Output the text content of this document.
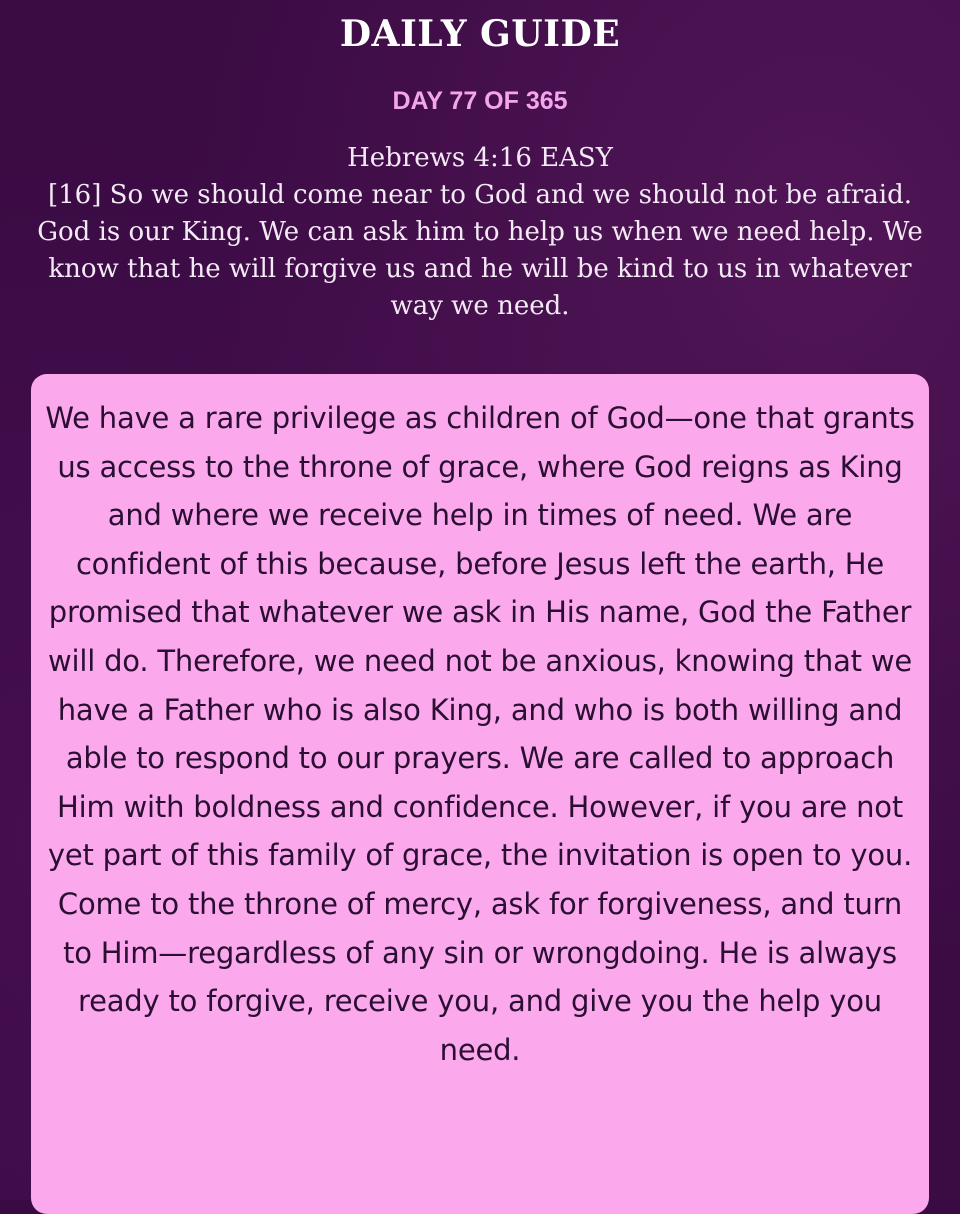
DAILY GUIDE
DAY 77 OF 365
Hebrews 4:16 EASY
[16] So we should come near to God and we should not be afraid. God is our King. We can ask him to help us when we need help. We know that he will forgive us and he will be kind to us in whatever way we need.
We have a rare privilege as children of God—one that grants us access to the throne of grace, where God reigns as King and where we receive help in times of need. We are confident of this because, before Jesus left the earth, He promised that whatever we ask in His name, God the Father will do. Therefore, we need not be anxious, knowing that we have a Father who is also King, and who is both willing and able to respond to our prayers. We are called to approach Him with boldness and confidence. However, if you are not yet part of this family of grace, the invitation is open to you. Come to the throne of mercy, ask for forgiveness, and turn to Him—regardless of any sin or wrongdoing. He is always ready to forgive, receive you, and give you the help you need.
